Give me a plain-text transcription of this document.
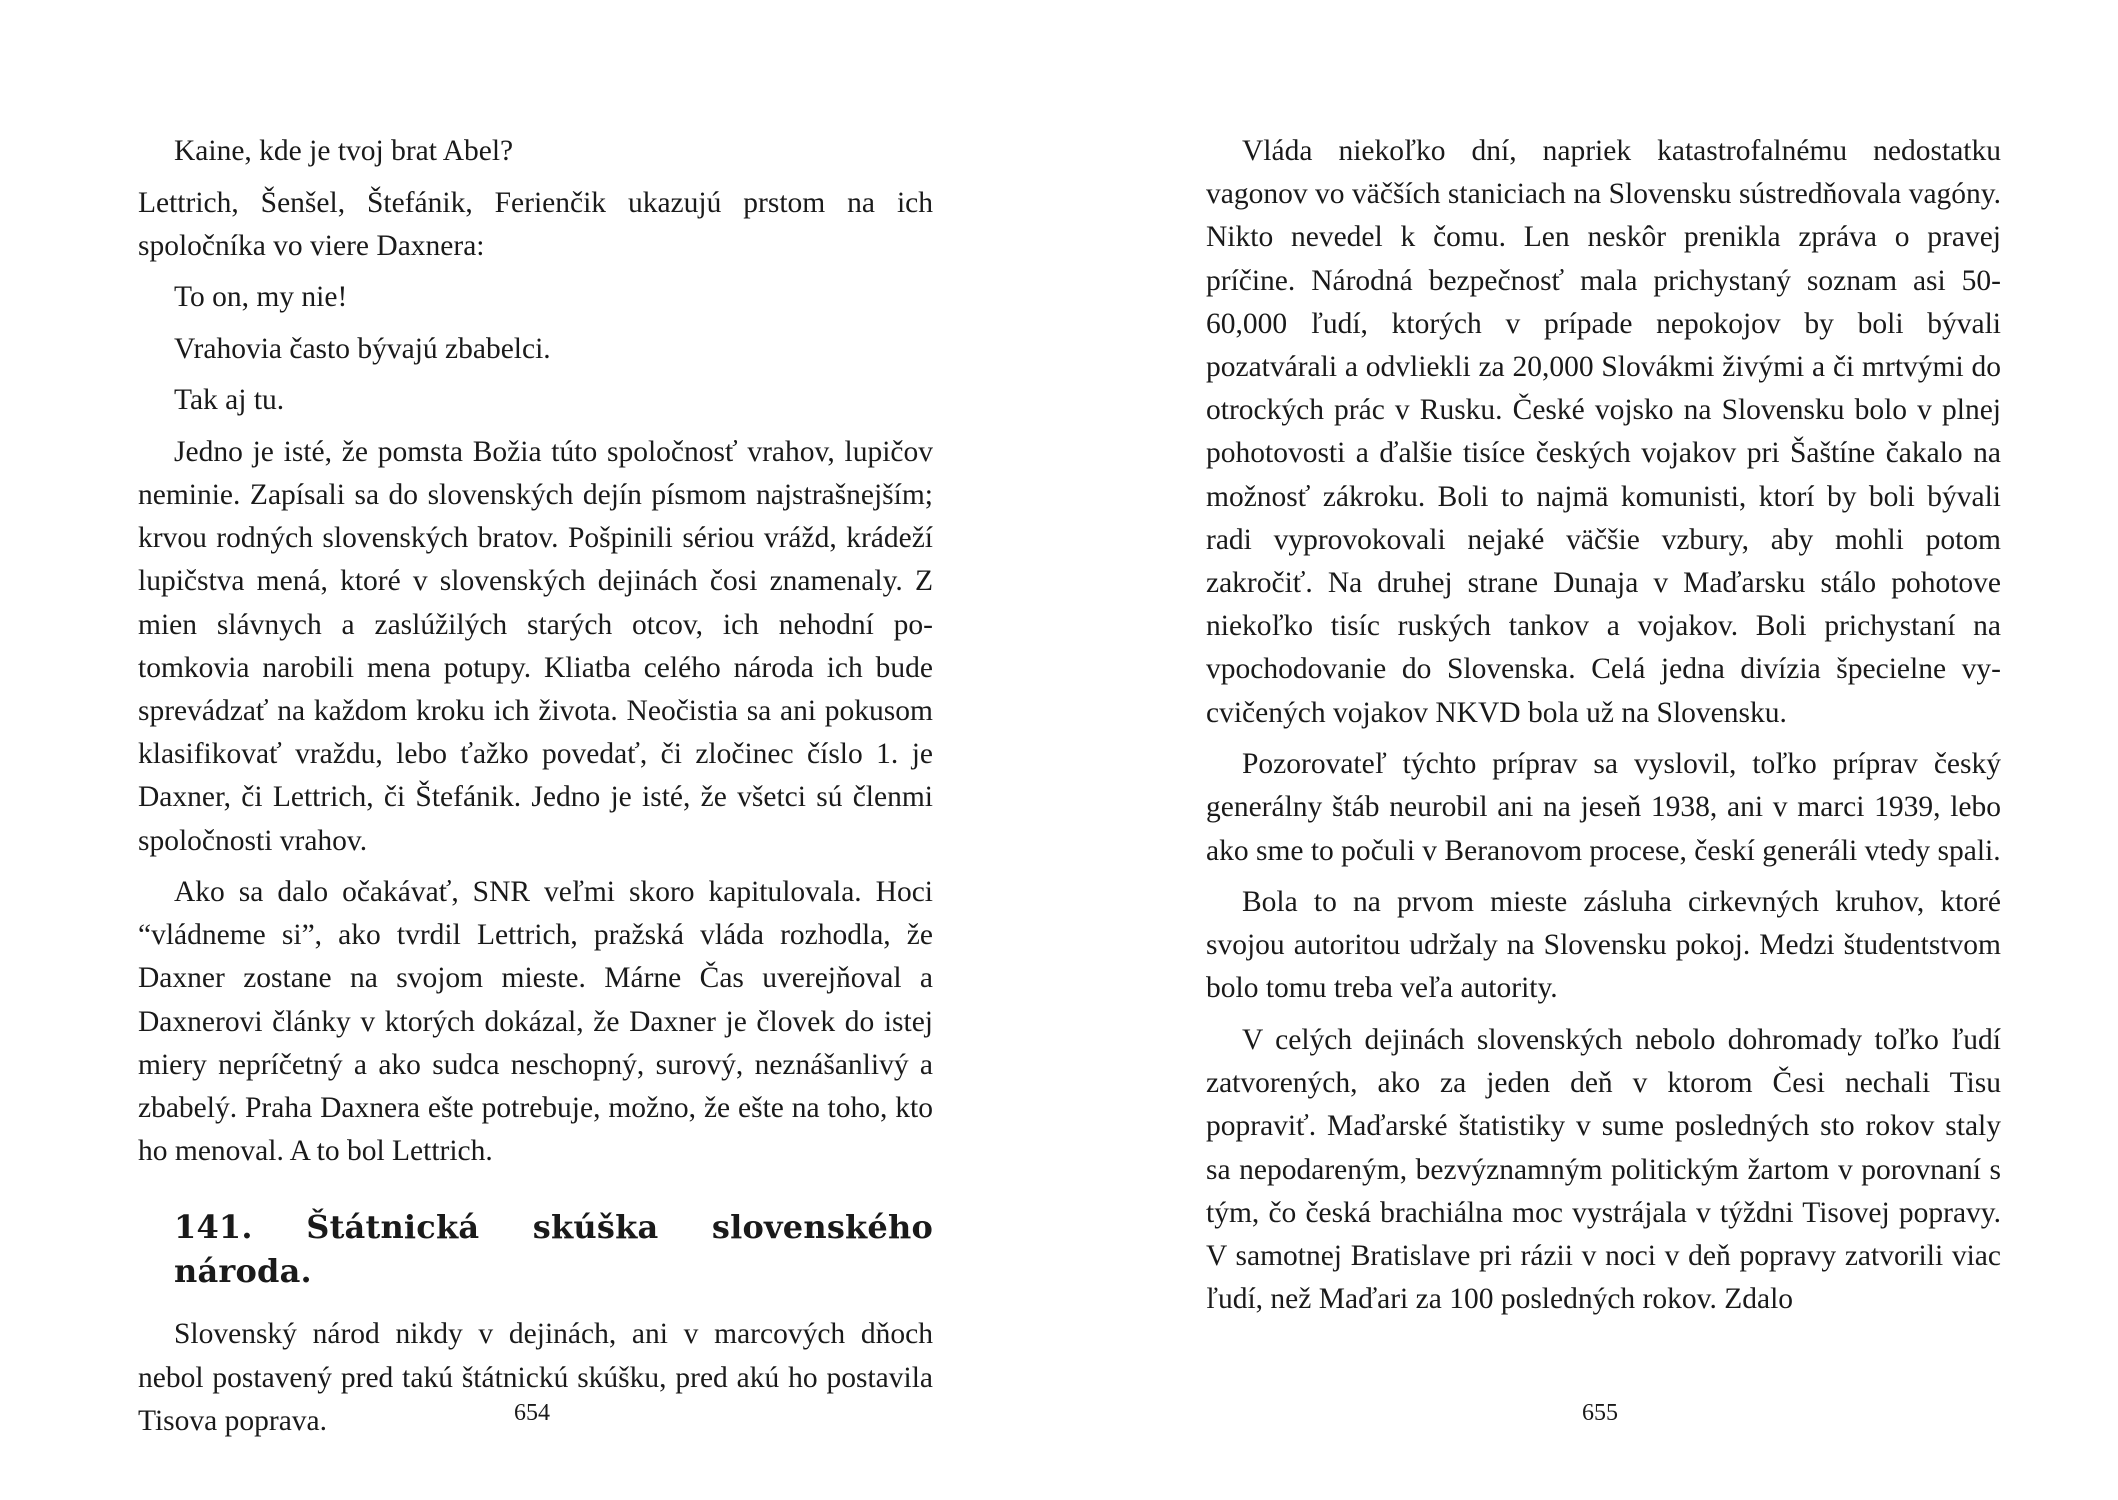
Kaine, kde je tvoj brat Abel?

Lettrich, Šenšel, Štefánik, Ferienčik ukazujú prstom na ich spoločníka vo viere Daxnera:

To on, my nie!

Vrahovia často bývajú zbabelci.

Tak aj tu.

Jedno je isté, že pomsta Božia túto spoločnosť vrahov, lupičov neminie. Zapísali sa do slovenských dejín písmom najstrašnejším; krvou rodných slovenských bratov. Pošpinili sériou vrážd, krádeží lupičstva mená, ktoré v slovenských dejinách čosi znamenaly. Z mien slávnych a zaslúžilých starých otcov, ich nehodní potomkovia narobili mena potupy. Kliatba celého národa ich bude sprevádzať na každom kroku ich života. Neočistia sa ani pokusom klasifikovať vraždu, lebo ťažko povedať, či zločinec číslo 1. je Daxner, či Lettrich, či Štefánik. Jedno je isté, že všetci sú členmi spoločnosti vrahov.

Ako sa dalo očakávať, SNR veľmi skoro kapitulovala. Hoci “vládneme si”, ako tvrdil Lettrich, pražská vláda rozhodla, že Daxner zostane na svojom mieste. Márne Čas uverejňoval a Daxnerovi články v ktorých dokázal, že Daxner je človek do istej miery nepríčetný a ako sudca neschopný, surový, neznášanlivý a zbabelý. Praha Daxnera ešte potrebuje, možno, že ešte na toho, kto ho menoval. A to bol Lettrich.

141. Štátnická skúška slovenského národa.

Slovenský národ nikdy v dejinách, ani v marcových dňoch nebol postavený pred takú štátnickú skúšku, pred akú ho postavila Tisova poprava.	654

Vláda niekoľko dní, napriek katastrofalnému nedostatku vagonov vo väčších staniciach na Slovensku sústredňovala vagóny. Nikto nevedel k čomu. Len neskôr prenikla zpráva o pravej príčine. Národná bezpečnosť mala prichystaný soznam asi 50-60,000 ľudí, ktorých v prípade nepokojov by boli bývali pozatvárali a odvliekli za 20,000 Slovákmi živými a či mrtvými do otrockých prác v Rusku. České vojsko na Slovensku bolo v plnej pohotovosti a ďalšie tisíce českých vojakov pri Šaštíne čakalo na možnosť zákroku. Boli to najmä komunisti, ktorí by boli bývali radi vyprovokovali nejaké väčšie vzbury, aby mohli potom zakročiť. Na druhej strane Dunaja v Maďarsku stálo pohotove niekoľko tisíc ruských tankov a vojakov. Boli prichystaní na vpochodovanie do Slovenska. Celá jedna divízia špecielne vycvičených vojakov NKVD bola už na Slovensku.

Pozorovateľ týchto príprav sa vyslovil, toľko príprav český generálny štáb neurobil ani na jeseň 1938, ani v marci 1939, lebo ako sme to počuli v Beranovom procese, českí generáli vtedy spali.

Bola to na prvom mieste zásluha cirkevných kruhov, ktoré svojou autoritou udržaly na Slovensku pokoj. Medzi študentstvom bolo tomu treba veľa autority.

V celých dejinách slovenských nebolo dohromady toľko ľudí zatvorených, ako za jeden deň v ktorom Česi nechali Tisu popraviť. Maďarské štatistiky v sume posledných sto rokov staly sa nepodareným, bezvýznamným politickým žartom v porovnaní s tým, čo česká brachiálna moc vystrájala v týždni Tisovej popravy. V samotnej Bratislave pri rázii v noci v deň popravy zatvorili viac ľudí, než Maďari za 100 posledných rokov. Zdalo

655
